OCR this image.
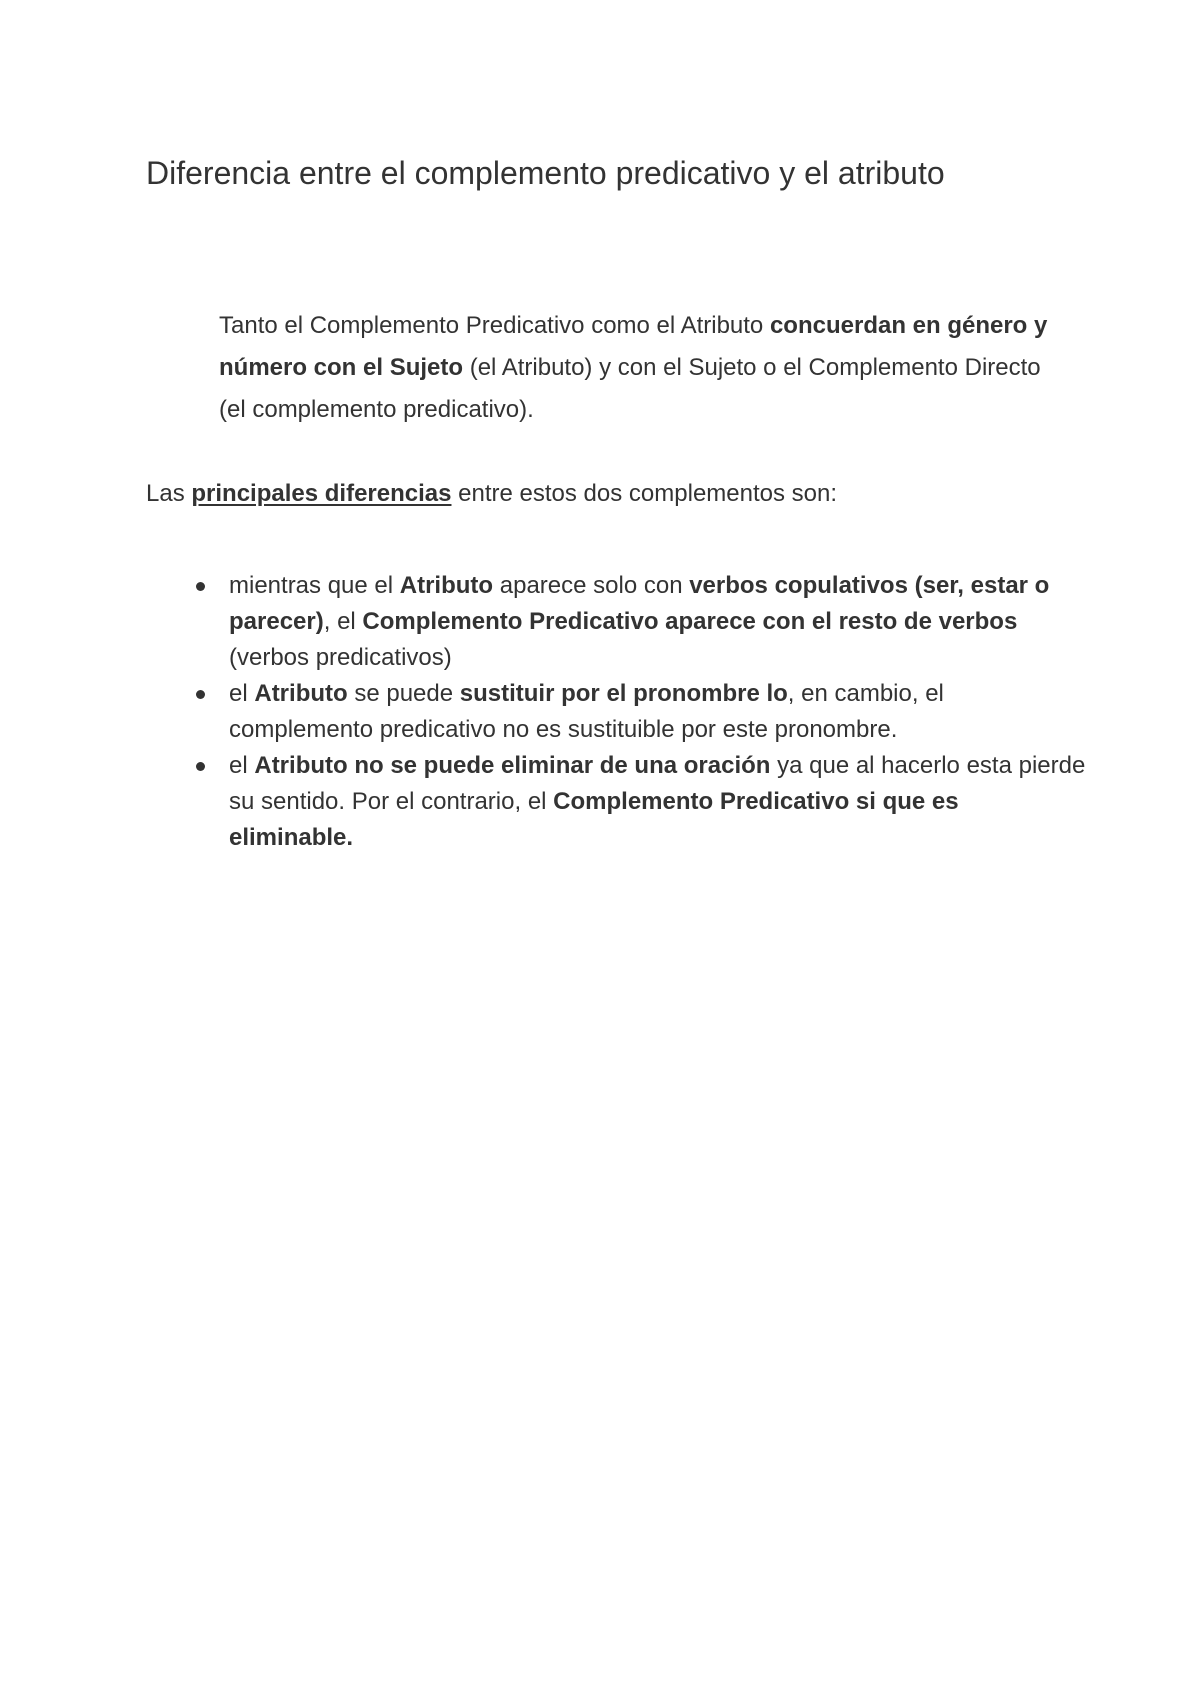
Diferencia entre el complemento predicativo y el atributo

Tanto el Complemento Predicativo como el Atributo concuerdan en género y número con el Sujeto (el Atributo) y con el Sujeto o el Complemento Directo (el complemento predicativo).

Las principales diferencias entre estos dos complementos son:

mientras que el Atributo aparece solo con verbos copulativos (ser, estar o parecer), el Complemento Predicativo aparece con el resto de verbos (verbos predicativos)
el Atributo se puede sustituir por el pronombre lo, en cambio, el complemento predicativo no es sustituible por este pronombre.
el Atributo no se puede eliminar de una oración ya que al hacerlo esta pierde su sentido. Por el contrario, el Complemento Predicativo si que es eliminable.
